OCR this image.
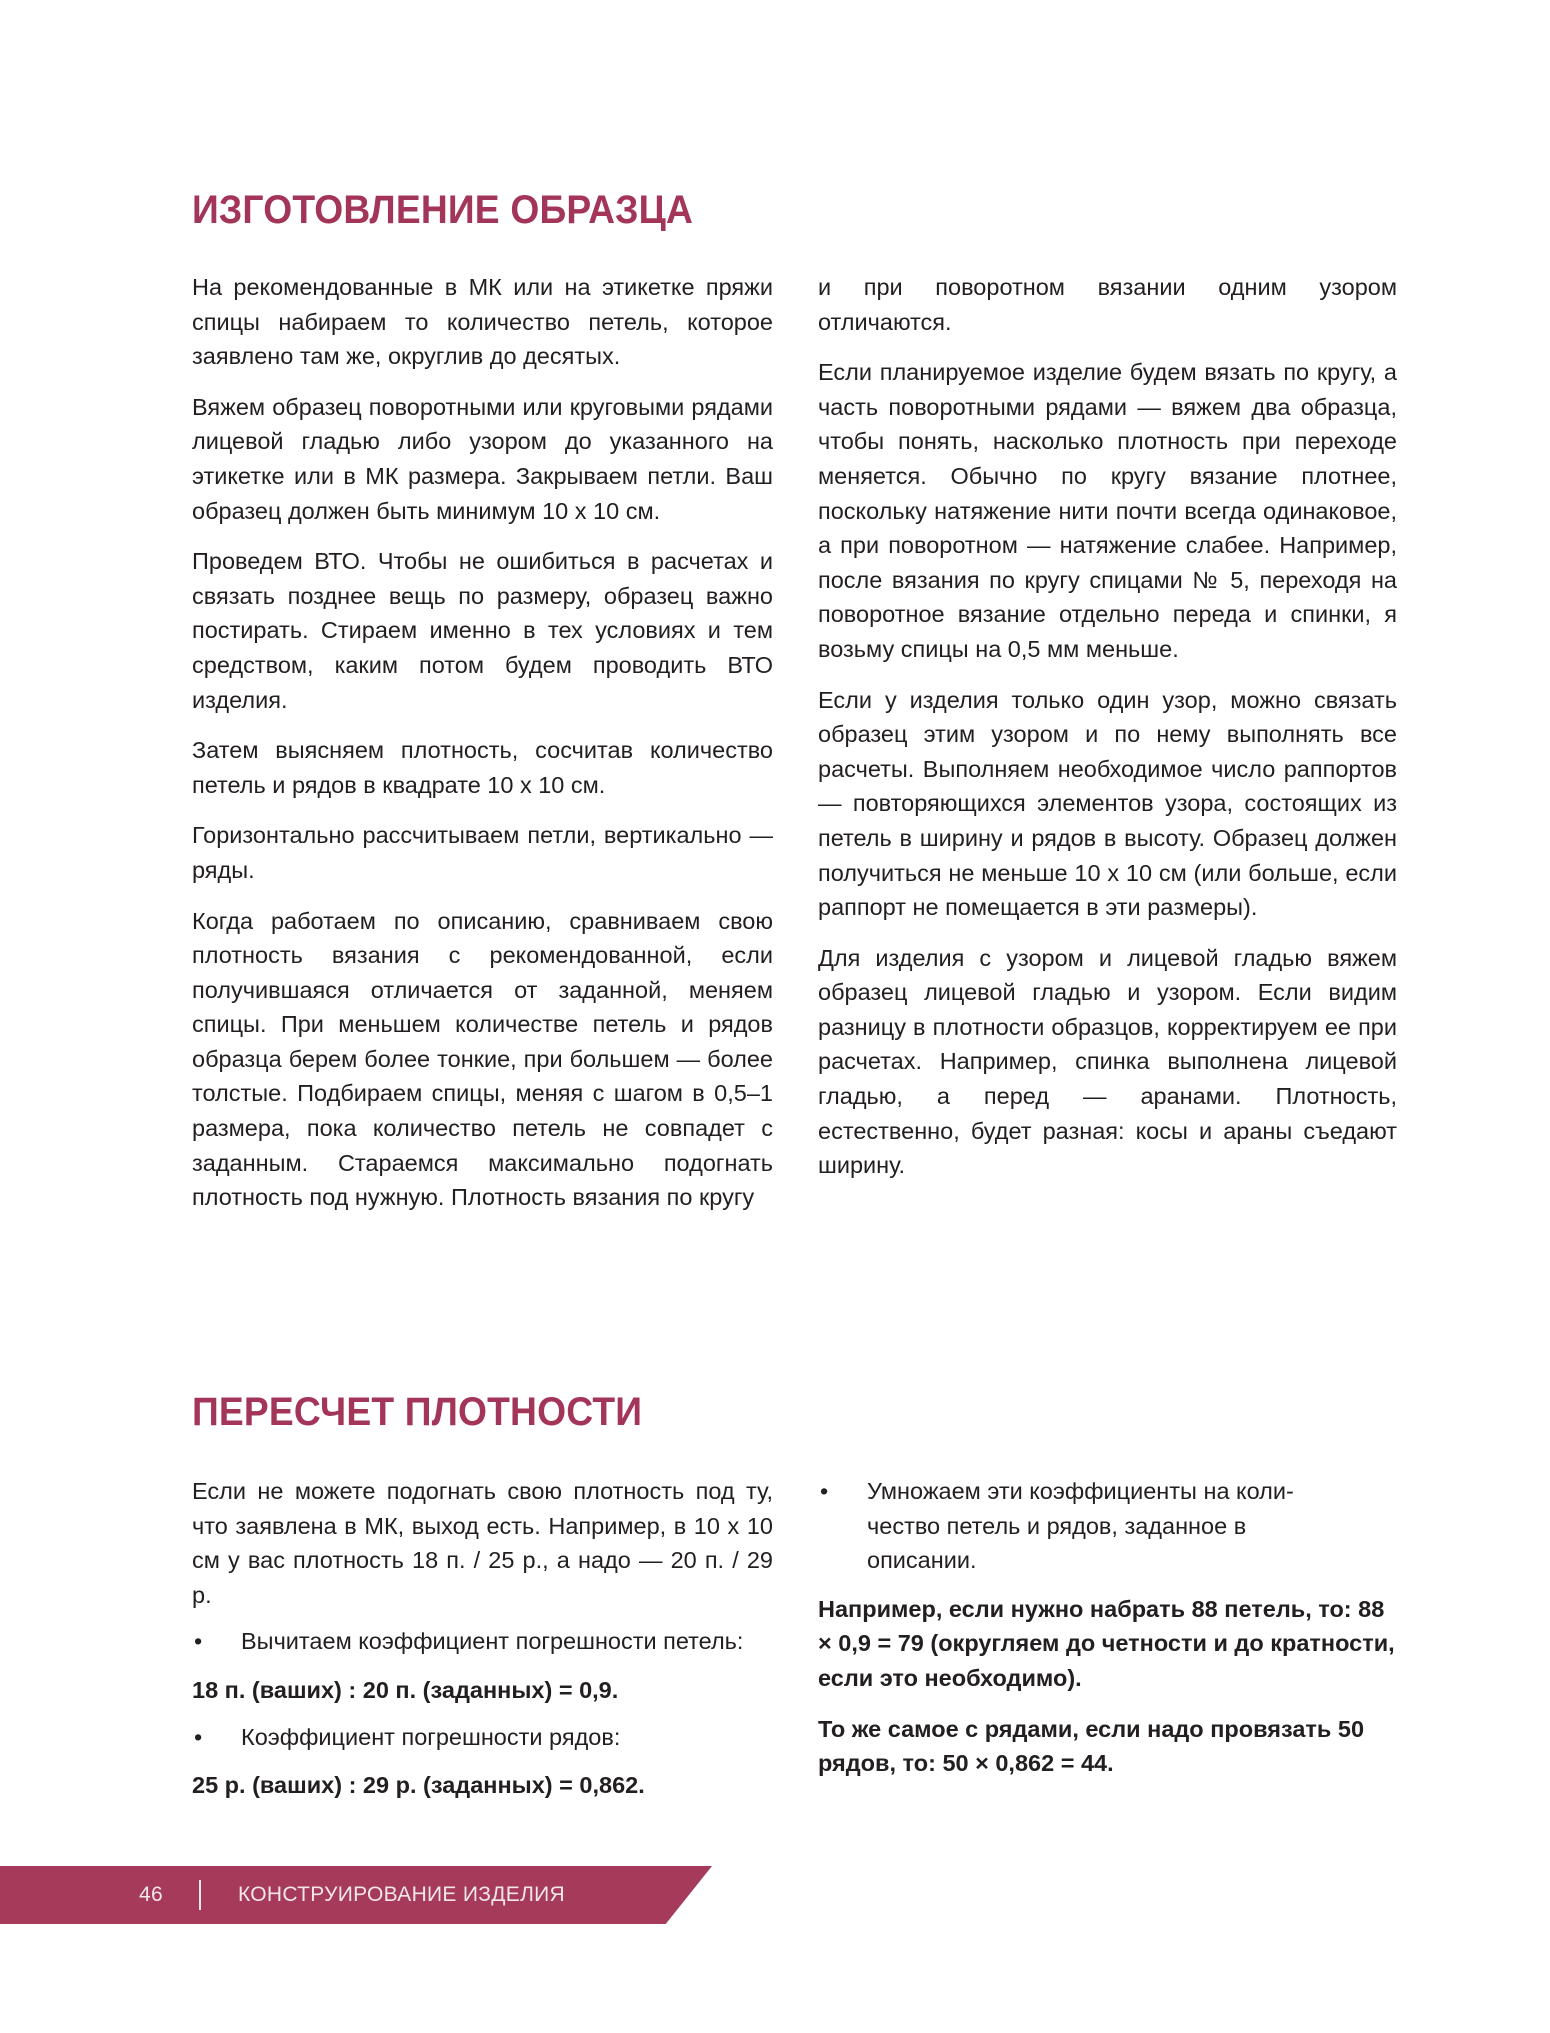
ИЗГОТОВЛЕНИЕ ОБРАЗЦА

На рекомендованные в МК или на этикетке пряжи спицы набираем то количество петель, которое заявлено там же, округлив до десятых.

Вяжем образец поворотными или круговыми рядами лицевой гладью либо узором до указанного на этикетке или в МК размера. Закрываем петли. Ваш образец должен быть минимум 10 х 10 см.

Проведем ВТО. Чтобы не ошибиться в расчетах и связать позднее вещь по размеру, образец важно постирать. Стираем именно в тех условиях и тем средством, каким потом будем проводить ВТО изделия.

Затем выясняем плотность, сосчитав количество петель и рядов в квадрате 10 х 10 см.

Горизонтально рассчитываем петли, вертикально — ряды.

Когда работаем по описанию, сравниваем свою плотность вязания с рекомендованной, если получившаяся отличается от заданной, меняем спицы. При меньшем количестве петель и рядов образца берем более тонкие, при большем — более толстые. Подбираем спицы, меняя с шагом в 0,5–1 размера, пока количество петель не совпадет с заданным. Стараемся максимально подогнать плотность под нужную. Плотность вязания по кругу

и при поворотном вязании одним узором отличаются.

Если планируемое изделие будем вязать по кругу, а часть поворотными рядами — вяжем два образца, чтобы понять, насколько плотность при переходе меняется. Обычно по кругу вязание плотнее, поскольку натяжение нити почти всегда одинаковое, а при поворотном — натяжение слабее. Например, после вязания по кругу спицами № 5, переходя на поворотное вязание отдельно переда и спинки, я возьму спицы на 0,5 мм меньше.

Если у изделия только один узор, можно связать образец этим узором и по нему выполнять все расчеты. Выполняем необходимое число раппортов — повторяющихся элементов узора, состоящих из петель в ширину и рядов в высоту. Образец должен получиться не меньше 10 х 10 см (или больше, если раппорт не помещается в эти размеры).

Для изделия с узором и лицевой гладью вяжем образец лицевой гладью и узором. Если видим разницу в плотности образцов, корректируем ее при расчетах. Например, спинка выполнена лицевой гладью, а перед — аранами. Плотность, естественно, будет разная: косы и араны съедают ширину.

ПЕРЕСЧЕТ ПЛОТНОСТИ

Если не можете подогнать свою плотность под ту, что заявлена в МК, выход есть. Например, в 10 х 10 см у вас плотность 18 п. / 25 р., а надо — 20 п. / 29 р.

• Вычитаем коэффициент погрешности петель:

18 п. (ваших) : 20 п. (заданных) = 0,9.

• Коэффициент погрешности рядов:

25 р. (ваших) : 29 р. (заданных) = 0,862.

• Умножаем эти коэффициенты на количество петель и рядов, заданное в описании.

Например, если нужно набрать 88 петель, то: 88 × 0,9 = 79 (округляем до четности и до кратности, если это необходимо).

То же самое с рядами, если надо провязать 50 рядов, то: 50 × 0,862 = 44.

46	КОНСТРУИРОВАНИЕ ИЗДЕЛИЯ
